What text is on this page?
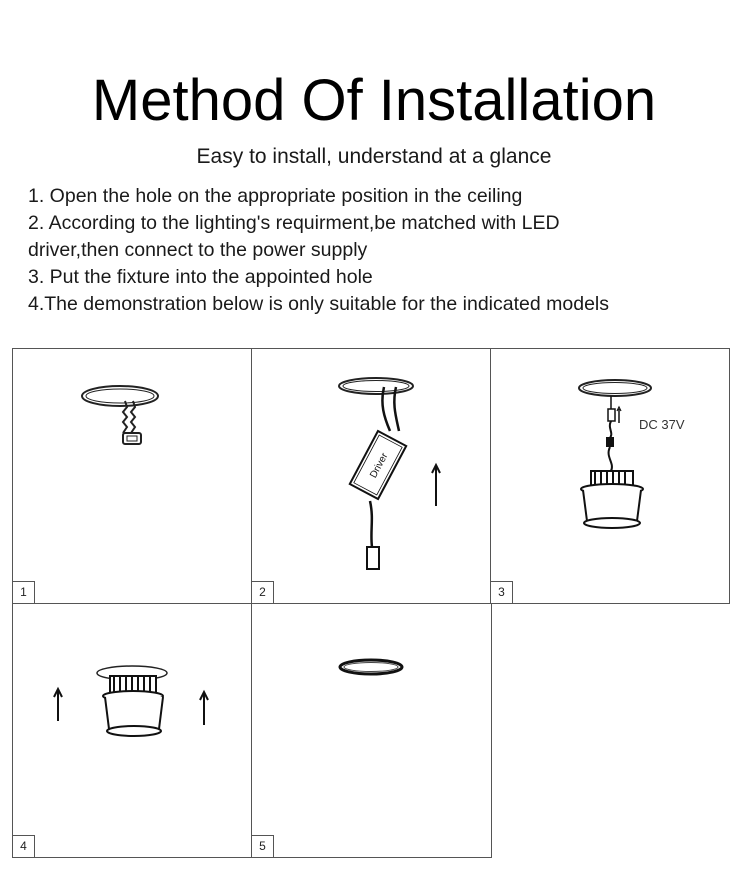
Method Of Installation
Easy to install, understand at a glance
1. Open the hole on the appropriate position in the ceiling
2. According to the lighting's requirment,be matched with LED
driver,then connect to the power supply
3. Put the fixture into the appointed hole
4.The demonstration below is only suitable for the indicated models
1
Driver
2
DC 37V
3
4	5
